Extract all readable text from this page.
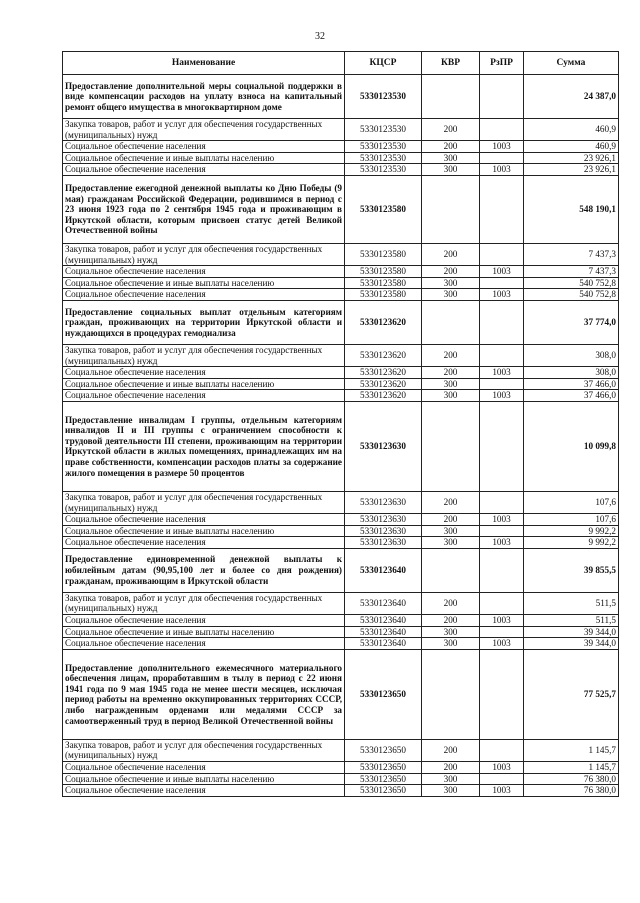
32
Наименование	КЦСР	КВР	РзПР	Сумма
Предоставление дополнительной меры социальной поддержки в виде компенсации расходов на уплату взноса на капитальный ремонт общего имущества в многоквартирном доме	5330123530			24 387,0
Закупка товаров, работ и услуг для обеспечения государственных (муниципальных) нужд	5330123530	200		460,9
Социальное обеспечение населения	5330123530	200	1003	460,9
Социальное обеспечение и иные выплаты населению	5330123530	300		23 926,1
Социальное обеспечение населения	5330123530	300	1003	23 926,1
Предоставление ежегодной денежной выплаты ко Дню Победы (9 мая) гражданам Российской Федерации, родившимся в период с 23 июня 1923 года по 2 сентября 1945 года и проживающим в Иркутской области, которым присвоен статус детей Великой Отечественной войны	5330123580			548 190,1
Закупка товаров, работ и услуг для обеспечения государственных (муниципальных) нужд	5330123580	200		7 437,3
Социальное обеспечение населения	5330123580	200	1003	7 437,3
Социальное обеспечение и иные выплаты населению	5330123580	300		540 752,8
Социальное обеспечение населения	5330123580	300	1003	540 752,8
Предоставление социальных выплат отдельным категориям граждан, проживающих на территории Иркутской области и нуждающихся в процедурах гемодиализа	5330123620			37 774,0
Закупка товаров, работ и услуг для обеспечения государственных (муниципальных) нужд	5330123620	200		308,0
Социальное обеспечение населения	5330123620	200	1003	308,0
Социальное обеспечение и иные выплаты населению	5330123620	300		37 466,0
Социальное обеспечение населения	5330123620	300	1003	37 466,0
Предоставление инвалидам I группы, отдельным категориям инвалидов II и III группы с ограничением способности к трудовой деятельности III степени, проживающим на территории Иркутской области в жилых помещениях, принадлежащих им на праве собственности, компенсации расходов платы за содержание жилого помещения в размере 50 процентов	5330123630			10 099,8
Закупка товаров, работ и услуг для обеспечения государственных (муниципальных) нужд	5330123630	200		107,6
Социальное обеспечение населения	5330123630	200	1003	107,6
Социальное обеспечение и иные выплаты населению	5330123630	300		9 992,2
Социальное обеспечение населения	5330123630	300	1003	9 992,2
Предоставление единовременной денежной выплаты к юбилейным датам (90,95,100 лет и более со дня рождения) гражданам, проживающим в Иркутской области	5330123640			39 855,5
Закупка товаров, работ и услуг для обеспечения государственных (муниципальных) нужд	5330123640	200		511,5
Социальное обеспечение населения	5330123640	200	1003	511,5
Социальное обеспечение и иные выплаты населению	5330123640	300		39 344,0
Социальное обеспечение населения	5330123640	300	1003	39 344,0
Предоставление дополнительного ежемесячного материального обеспечения лицам, проработавшим в тылу в период с 22 июня 1941 года по 9 мая 1945 года не менее шести месяцев, исключая период работы на временно оккупированных территориях СССР, либо награжденным орденами или медалями СССР за самоотверженный труд в период Великой Отечественной войны	5330123650			77 525,7
Закупка товаров, работ и услуг для обеспечения государственных (муниципальных) нужд	5330123650	200		1 145,7
Социальное обеспечение населения	5330123650	200	1003	1 145,7
Социальное обеспечение и иные выплаты населению	5330123650	300		76 380,0
Социальное обеспечение населения	5330123650	300	1003	76 380,0
